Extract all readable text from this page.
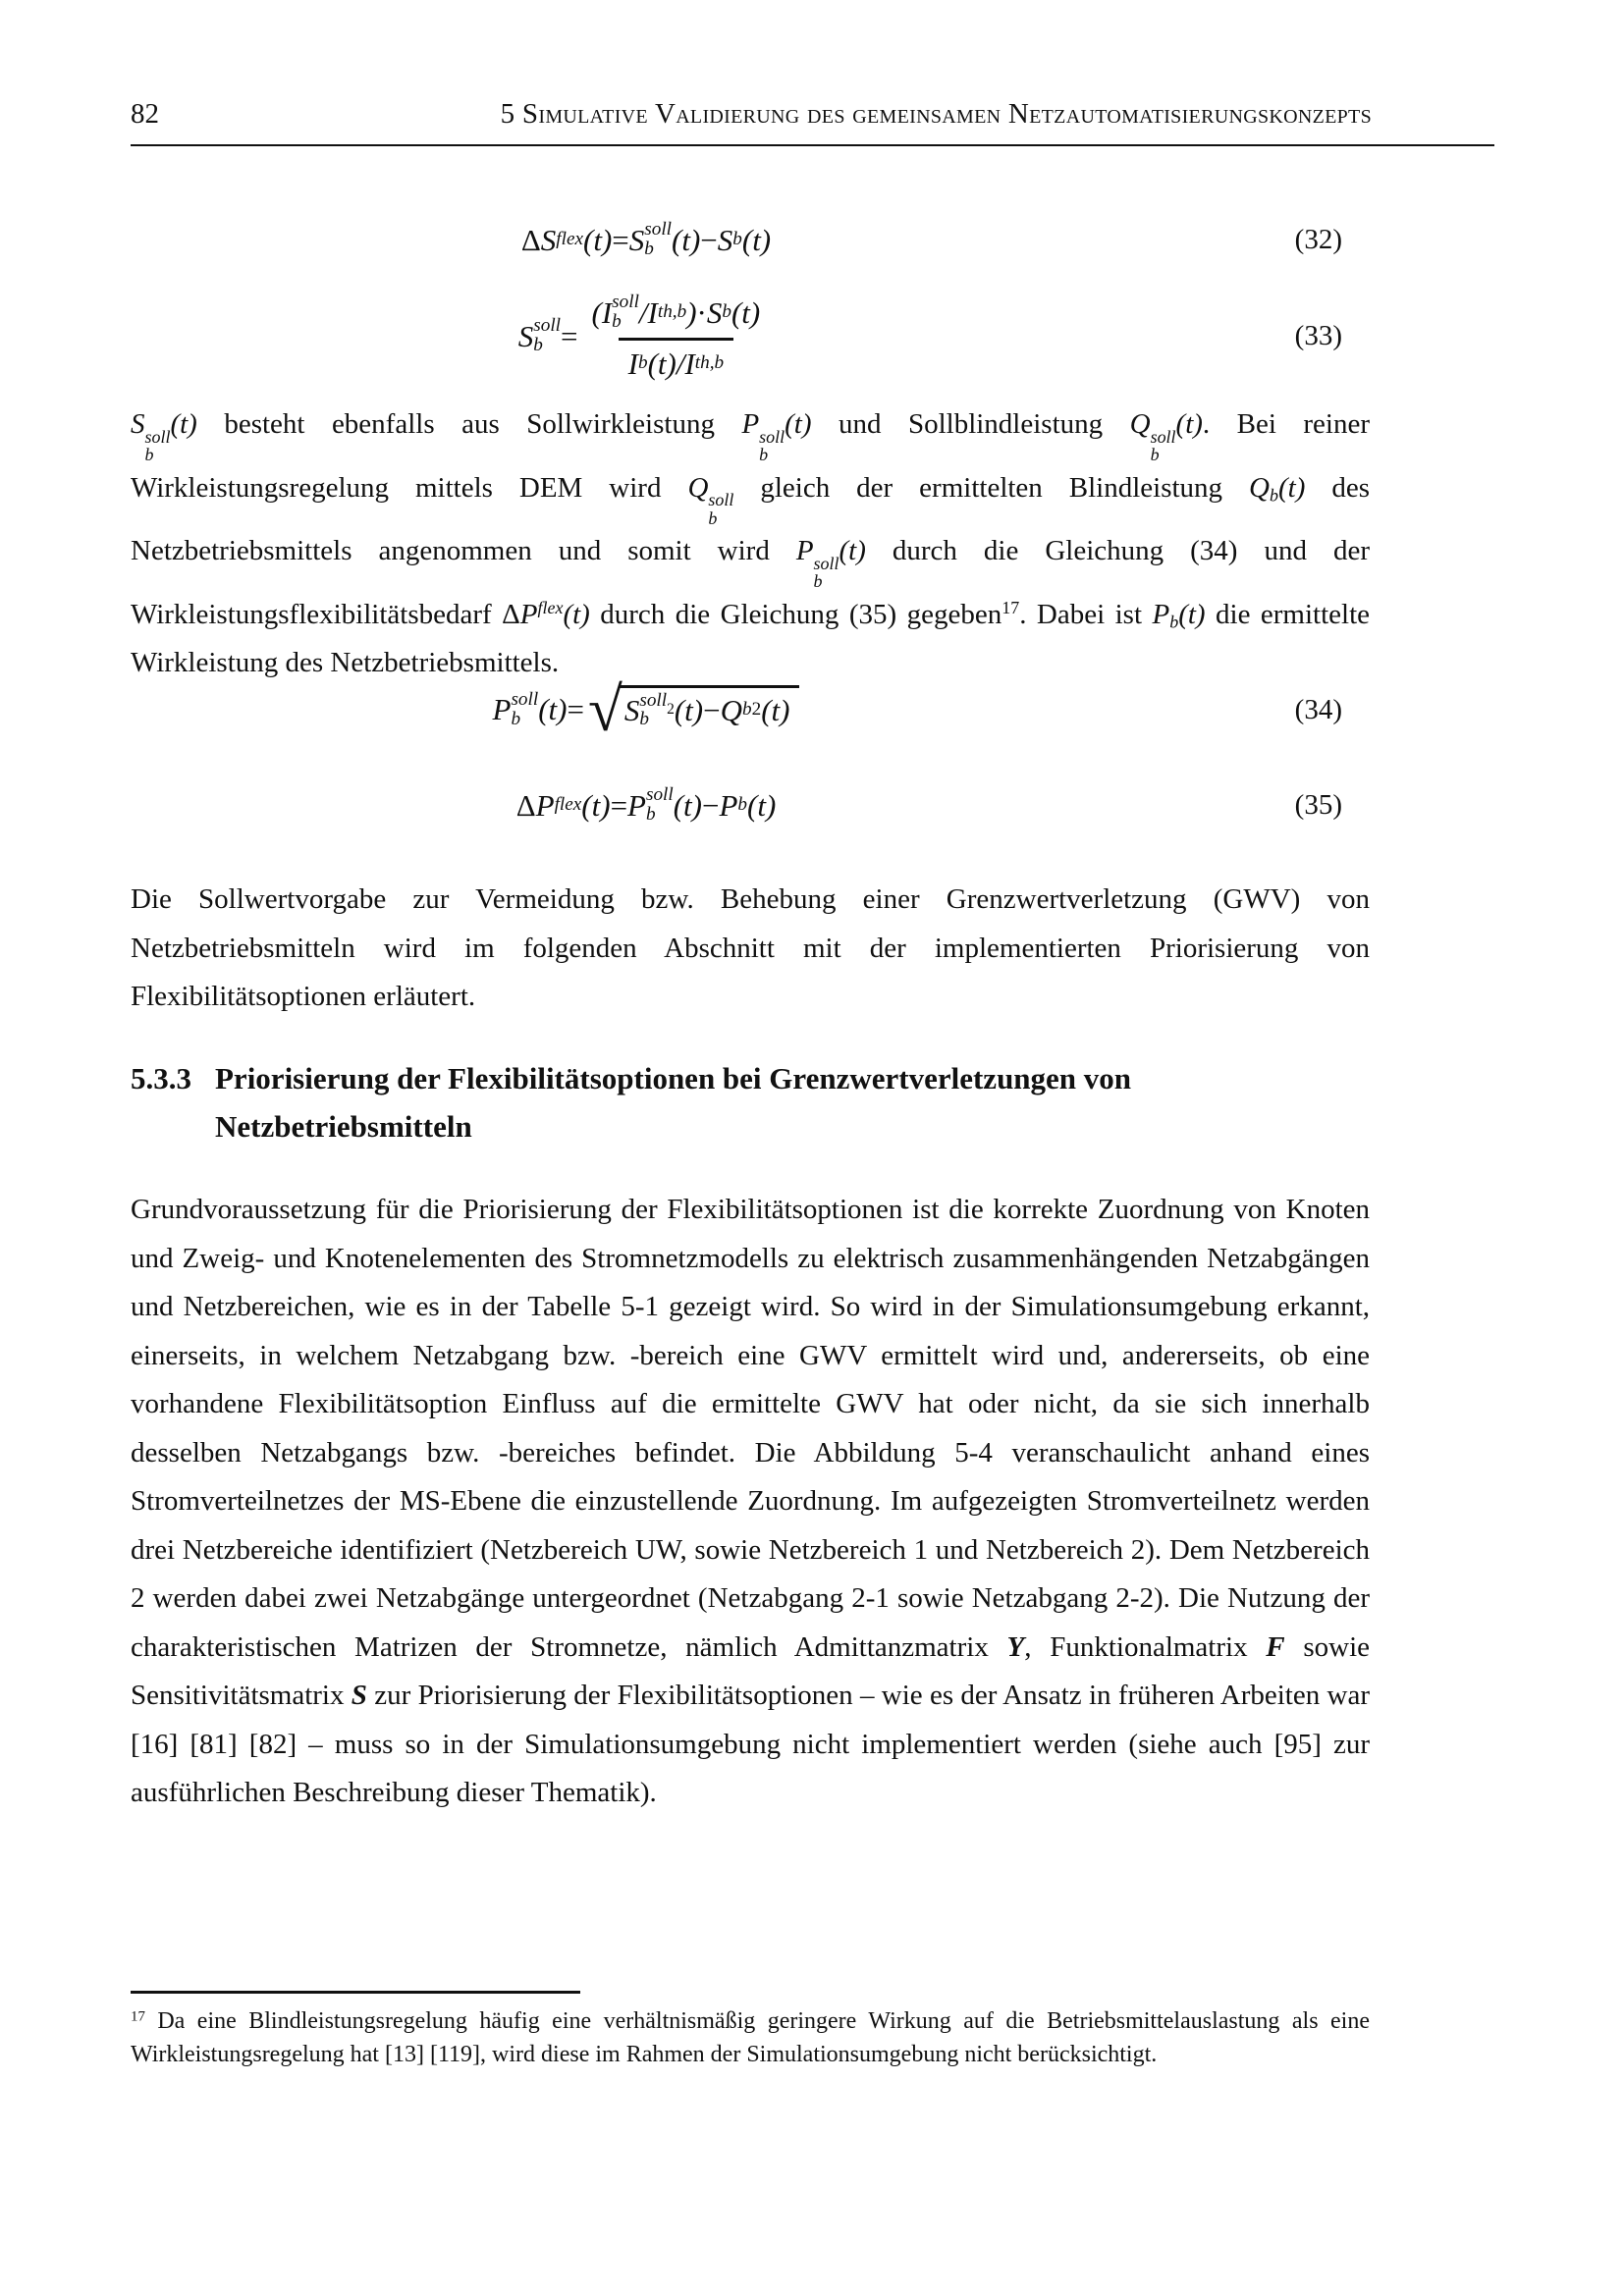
82	5 Simulative Validierung des gemeinsamen Netzautomatisierungskonzepts
Δ S flex (t) = S soll
b (t) − S b (t)	(32)
S soll
b = ( I soll
b / I th,b ) · S b (t)
I b (t)/ I th,b	(33)
S soll
b
(t) besteht ebenfalls aus Sollwirkleistung P soll
b
(t) und Sollblindleistung Q soll
b
(t). Bei reiner Wirkleistungsregelung mittels DEM wird Q soll
b
gleich der ermittelten Blindleistung $Q_b(t)$ des Netzbetriebsmittels angenommen und somit wird P soll
b
(t) durch die Gleichung (34) und der Wirkleistungsflexibilitätsbedarf $\Delta P^{flex}(t)$ durch die Gleichung (35) gegeben$^{17}$. Dabei ist $P_b(t)$ die ermittelte Wirkleistung des Netzbetriebsmittels.
P soll
b (t) = √ S soll
b 2 (t) − Q b 2 (t)	(34)
Δ P flex (t) = P soll
b (t) − P b (t)	(35)
Die Sollwertvorgabe zur Vermeidung bzw. Behebung einer Grenzwertverletzung (GWV) von Netzbetriebsmitteln wird im folgenden Abschnitt mit der implementierten Priorisierung von Flexibilitätsoptionen erläutert.
5.3.3 Priorisierung der Flexibilitätsoptionen bei Grenzwertverletzungen von Netzbetriebsmitteln
Grundvoraussetzung für die Priorisierung der Flexibilitätsoptionen ist die korrekte Zuordnung von Knoten und Zweig- und Knotenelementen des Stromnetzmodells zu elektrisch zusammenhängenden Netzabgängen und Netzbereichen, wie es in der Tabelle 5-1 gezeigt wird. So wird in der Simulationsumgebung erkannt, einerseits, in welchem Netzabgang bzw. -bereich eine GWV ermittelt wird und, andererseits, ob eine vorhandene Flexibilitätsoption Einfluss auf die ermittelte GWV hat oder nicht, da sie sich innerhalb desselben Netzabgangs bzw. -bereiches befindet. Die Abbildung 5-4 veranschaulicht anhand eines Stromverteilnetzes der MS-Ebene die einzustellende Zuordnung. Im aufgezeigten Stromverteilnetz werden drei Netzbereiche identifiziert (Netzbereich UW, sowie Netzbereich 1 und Netzbereich 2). Dem Netzbereich 2 werden dabei zwei Netzabgänge untergeordnet (Netzabgang 2-1 sowie Netzabgang 2-2). Die Nutzung der charakteristischen Matrizen der Stromnetze, nämlich Admittanzmatrix Y, Funktionalmatrix F sowie Sensitivitätsmatrix S zur Priorisierung der Flexibilitätsoptionen – wie es der Ansatz in früheren Arbeiten war [16] [81] [82] – muss so in der Simulationsumgebung nicht implementiert werden (siehe auch [95] zur ausführlichen Beschreibung dieser Thematik).
$^{17}$ Da eine Blindleistungsregelung häufig eine verhältnismäßig geringere Wirkung auf die Betriebsmittelauslastung als eine Wirkleistungsregelung hat [13] [119], wird diese im Rahmen der Simulationsumgebung nicht berücksichtigt.
